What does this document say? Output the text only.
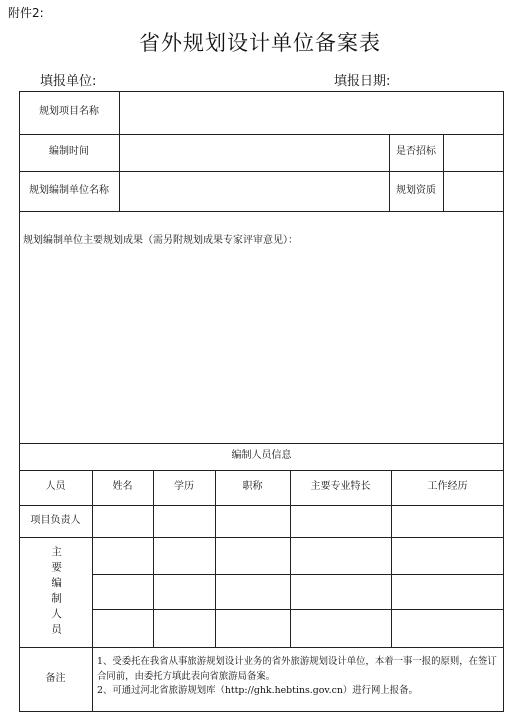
附件2:
省外规划设计单位备案表
填报单位:	填报日期:
规划项目名称
编制时间	是否招标
规划编制单位名称	规划资质
规划编制单位主要规划成果（需另附规划成果专家评审意见）：
编制人员信息
人员	姓名	学历	职称	主要专业特长	工作经历
项目负责人
主要编制人员
备注

1、受委托在我省从事旅游规划设计业务的省外旅游规划设计单位，本着一事一报的原则，在签订合同前，由委托方填此表向省旅游局备案。

2、可通过河北省旅游规划库（http://ghk.hebtins.gov.cn）进行网上报备。
